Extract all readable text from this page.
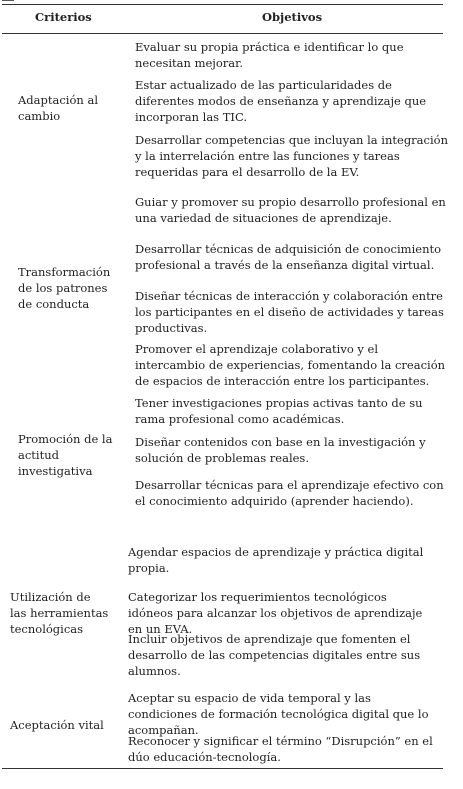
Criterios	Objetivos
Adaptación al cambio
Evaluar su propia práctica e identificar lo que necesitan mejorar.
Estar actualizado de las particularidades de diferentes modos de enseñanza y aprendizaje que incorporan las TIC.
Desarrollar competencias que incluyan la integración y la interrelación entre las funciones y tareas requeridas para el desarrollo de la EV.
Guiar y promover su propio desarrollo profesional en una variedad de situaciones de aprendizaje.
Transformación de los patrones de conducta
Desarrollar técnicas de adquisición de conocimiento profesional a través de la enseñanza digital virtual.
Diseñar técnicas de interacción y colaboración entre los participantes en el diseño de actividades y tareas productivas.
Promover el aprendizaje colaborativo y el intercambio de experiencias, fomentando la creación de espacios de interacción entre los participantes.
Promoción de la actitud investigativa
Tener investigaciones propias activas tanto de su rama profesional como académicas.
Diseñar contenidos con base en la investigación y solución de problemas reales.
Desarrollar técnicas para el aprendizaje efectivo con el conocimiento adquirido (aprender haciendo).
Utilización de las herramientas tecnológicas
Agendar espacios de aprendizaje y práctica digital propia.
Categorizar los requerimientos tecnológicos idóneos para alcanzar los objetivos de aprendizaje en un EVA.
Incluir objetivos de aprendizaje que fomenten el desarrollo de las competencias digitales entre sus alumnos.
Aceptación vital
Aceptar su espacio de vida temporal y las condiciones de formación tecnológica digital que lo acompañan.
Reconocer y significar el término “Disrupción” en el dúo educación-tecnología.
